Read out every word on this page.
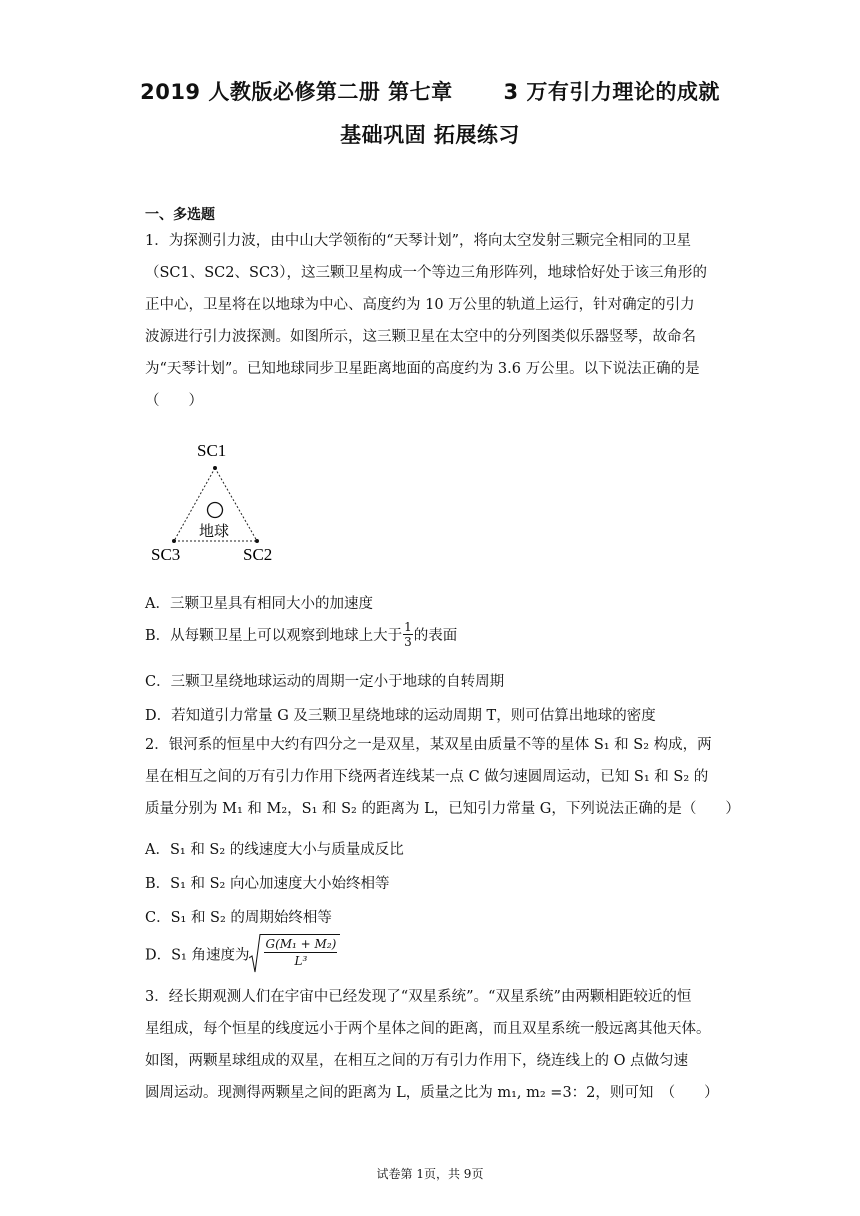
2019 人教版必修第二册 第七章　　 3 万有引力理论的成就
基础巩固 拓展练习
一、多选题
1．为探测引力波，由中山大学领衔的“天琴计划”，将向太空发射三颗完全相同的卫星
（SC1、SC2、SC3），这三颗卫星构成一个等边三角形阵列，地球恰好处于该三角形的
正中心，卫星将在以地球为中心、高度约为 10 万公里的轨道上运行，针对确定的引力
波源进行引力波探测。如图所示，这三颗卫星在太空中的分列图类似乐器竖琴，故命名
为“天琴计划”。已知地球同步卫星距离地面的高度约为 3.6 万公里。以下说法正确的是
（　　）
SC1
SC3	SC2
地球
A．三颗卫星具有相同大小的加速度
B．从每颗卫星上可以观察到地球上大于 $\frac{1}{3}$ 的表面
C．三颗卫星绕地球运动的周期一定小于地球的自转周期
D．若知道引力常量 G 及三颗卫星绕地球的运动周期 T，则可估算出地球的密度
2．银河系的恒星中大约有四分之一是双星，某双星由质量不等的星体 S₁ 和 S₂ 构成，两
星在相互之间的万有引力作用下绕两者连线某一点 C 做匀速圆周运动，已知 S₁ 和 S₂ 的
质量分别为 M₁ 和 M₂，S₁ 和 S₂ 的距离为 L，已知引力常量 G，下列说法正确的是（　　）
A．S₁ 和 S₂ 的线速度大小与质量成反比
B．S₁ 和 S₂ 向心加速度大小始终相等
C．S₁ 和 S₂ 的周期始终相等
D．S₁ 角速度为 $\frac{\text{G(M₁ + M₂)}}{\text{L³}}$
3．经长期观测人们在宇宙中已经发现了“双星系统”。“双星系统”由两颗相距较近的恒
星组成，每个恒星的线度远小于两个星体之间的距离，而且双星系统一般远离其他天体。
如图，两颗星球组成的双星，在相互之间的万有引力作用下，绕连线上的 O 点做匀速
圆周运动。现测得两颗星之间的距离为 L，质量之比为 m₁, m₂ =3：2，则可知　（　　）
试卷第 1页，共 9页
